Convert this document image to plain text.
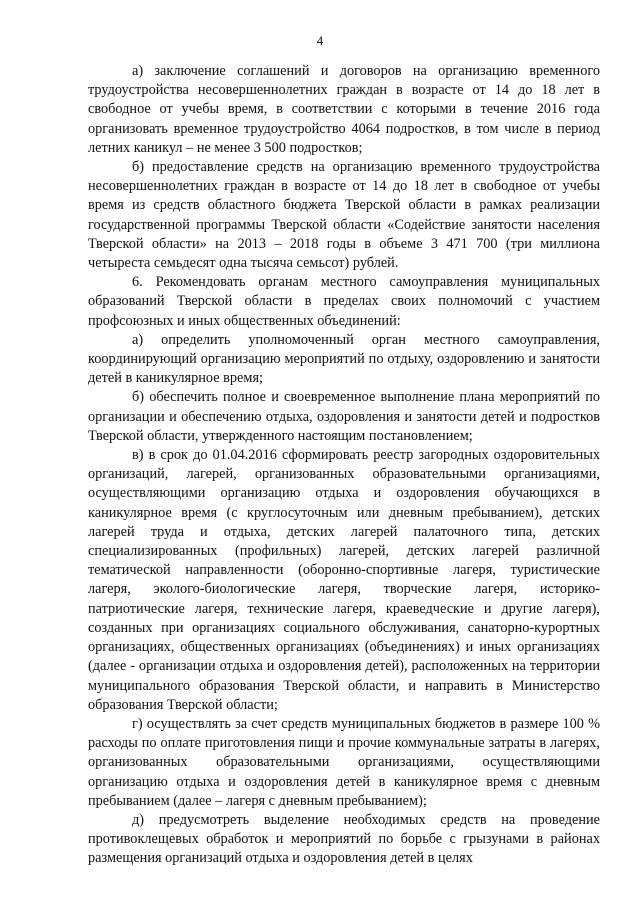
4

а) заключение соглашений и договоров на организацию временного трудоустройства несовершеннолетних граждан в возрасте от 14 до 18 лет в свободное от учебы время, в соответствии с которыми в течение 2016 года организовать временное трудоустройство 4064 подростков, в том числе в период летних каникул – не менее 3 500 подростков;

б) предоставление средств на организацию временного трудоустройства несовершеннолетних граждан в возрасте от 14 до 18 лет в свободное от учебы время из средств областного бюджета Тверской области в рамках реализации государственной программы Тверской области «Содействие занятости населения Тверской области» на 2013 – 2018 годы в объеме 3 471 700 (три миллиона четыреста семьдесят одна тысяча семьсот) рублей.

6. Рекомендовать органам местного самоуправления муниципальных образований Тверской области в пределах своих полномочий с участием профсоюзных и иных общественных объединений:

а) определить уполномоченный орган местного самоуправления, координирующий организацию мероприятий по отдыху, оздоровлению и занятости детей в каникулярное время;

б) обеспечить полное и своевременное выполнение плана мероприятий по организации и обеспечению отдыха, оздоровления и занятости детей и подростков Тверской области, утвержденного настоящим постановлением;

в) в срок до 01.04.2016 сформировать реестр загородных оздоровительных организаций, лагерей, организованных образовательными организациями, осуществляющими организацию отдыха и оздоровления обучающихся в каникулярное время (с круглосуточным или дневным пребыванием), детских лагерей труда и отдыха, детских лагерей палаточного типа, детских специализированных (профильных) лагерей, детских лагерей различной тематической направленности (оборонно-спортивные лагеря, туристические лагеря, эколого-биологические лагеря, творческие лагеря, историко-патриотические лагеря, технические лагеря, краеведческие и другие лагеря), созданных при организациях социального обслуживания, санаторно-курортных организациях, общественных организациях (объединениях) и иных организациях (далее - организации отдыха и оздоровления детей), расположенных на территории муниципального образования Тверской области, и направить в Министерство образования Тверской области;

г) осуществлять за счет средств муниципальных бюджетов в размере 100 % расходы по оплате приготовления пищи и прочие коммунальные затраты в лагерях, организованных образовательными организациями, осуществляющими организацию отдыха и оздоровления детей в каникулярное время с дневным пребыванием (далее – лагеря с дневным пребыванием);

д) предусмотреть выделение необходимых средств на проведение противоклещевых обработок и мероприятий по борьбе с грызунами в районах размещения организаций отдыха и оздоровления детей в целях
